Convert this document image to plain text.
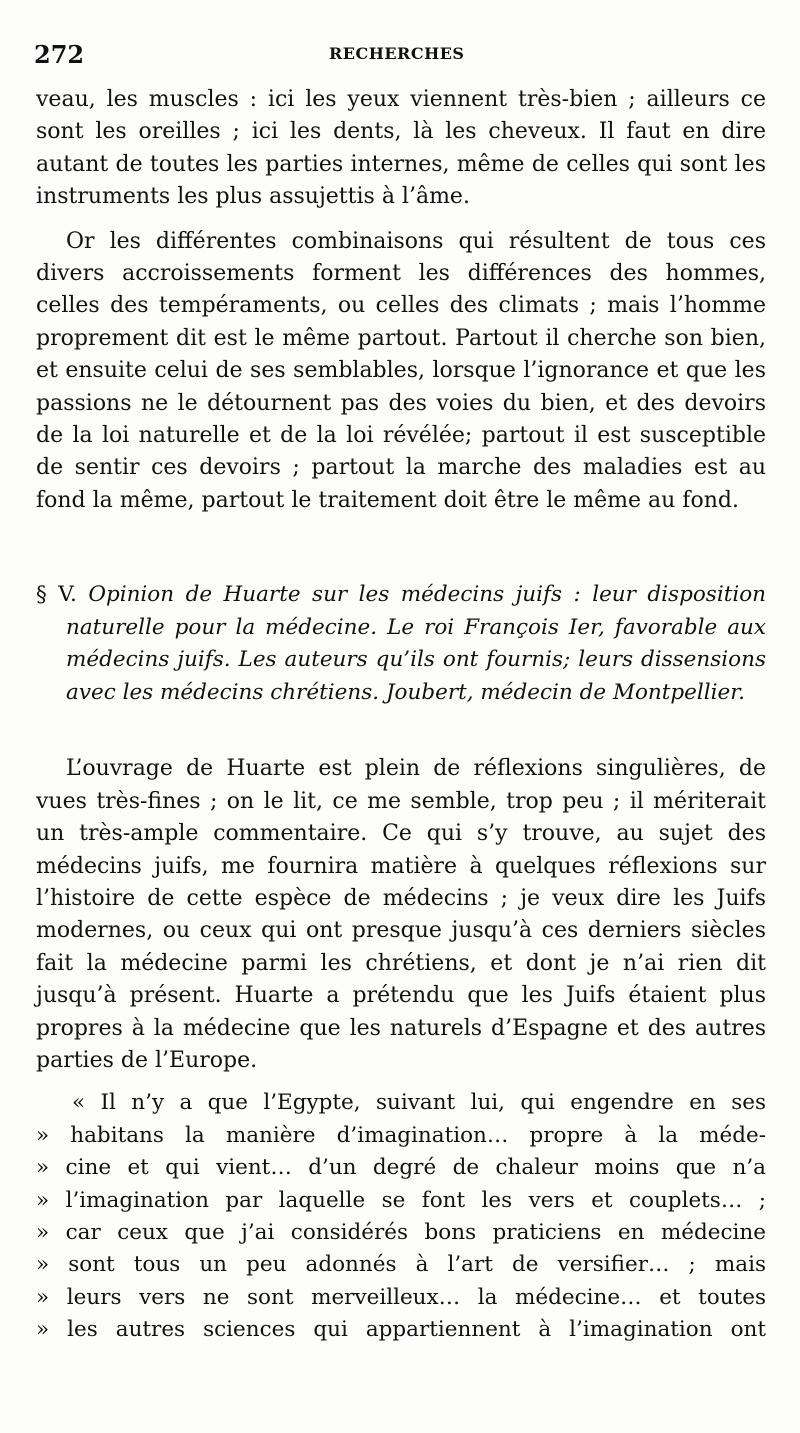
272	RECHERCHES

veau, les muscles : ici les yeux viennent très-bien ; ailleurs ce sont les oreilles ; ici les dents, là les cheveux. Il faut en dire autant de toutes les parties internes, même de celles qui sont les instruments les plus assujettis à l’âme.

Or les différentes combinaisons qui résultent de tous ces divers accroissements forment les différences des hommes, celles des tempéraments, ou celles des climats ; mais l’homme proprement dit est le même partout. Partout il cherche son bien, et ensuite celui de ses semblables, lorsque l’ignorance et que les passions ne le détournent pas des voies du bien, et des devoirs de la loi naturelle et de la loi révélée; partout il est susceptible de sentir ces devoirs ; partout la marche des maladies est au fond la même, partout le traitement doit être le même au fond.

§ V. Opinion de Huarte sur les médecins juifs : leur disposition naturelle pour la médecine. Le roi François Ier, favorable aux médecins juifs. Les auteurs qu’ils ont fournis; leurs dissensions avec les médecins chrétiens. Joubert, médecin de Montpellier.

L’ouvrage de Huarte est plein de réflexions singulières, de vues très-fines ; on le lit, ce me semble, trop peu ; il mériterait un très-ample commentaire. Ce qui s’y trouve, au sujet des médecins juifs, me fournira matière à quelques réflexions sur l’histoire de cette espèce de médecins ; je veux dire les Juifs modernes, ou ceux qui ont presque jusqu’à ces derniers siècles fait la médecine parmi les chrétiens, et dont je n’ai rien dit jusqu’à présent. Huarte a prétendu que les Juifs étaient plus propres à la médecine que les naturels d’Espagne et des autres parties de l’Europe.

« Il n’y a que l’Egypte, suivant lui, qui engendre en ses
» habitans la manière d’imagination… propre à la méde-
» cine et qui vient… d’un degré de chaleur moins que n’a
» l’imagination par laquelle se font les vers et couplets… ;
» car ceux que j’ai considérés bons praticiens en médecine
» sont tous un peu adonnés à l’art de versifier… ; mais
» leurs vers ne sont merveilleux… la médecine… et toutes
» les autres sciences qui appartiennent à l’imagination ont
